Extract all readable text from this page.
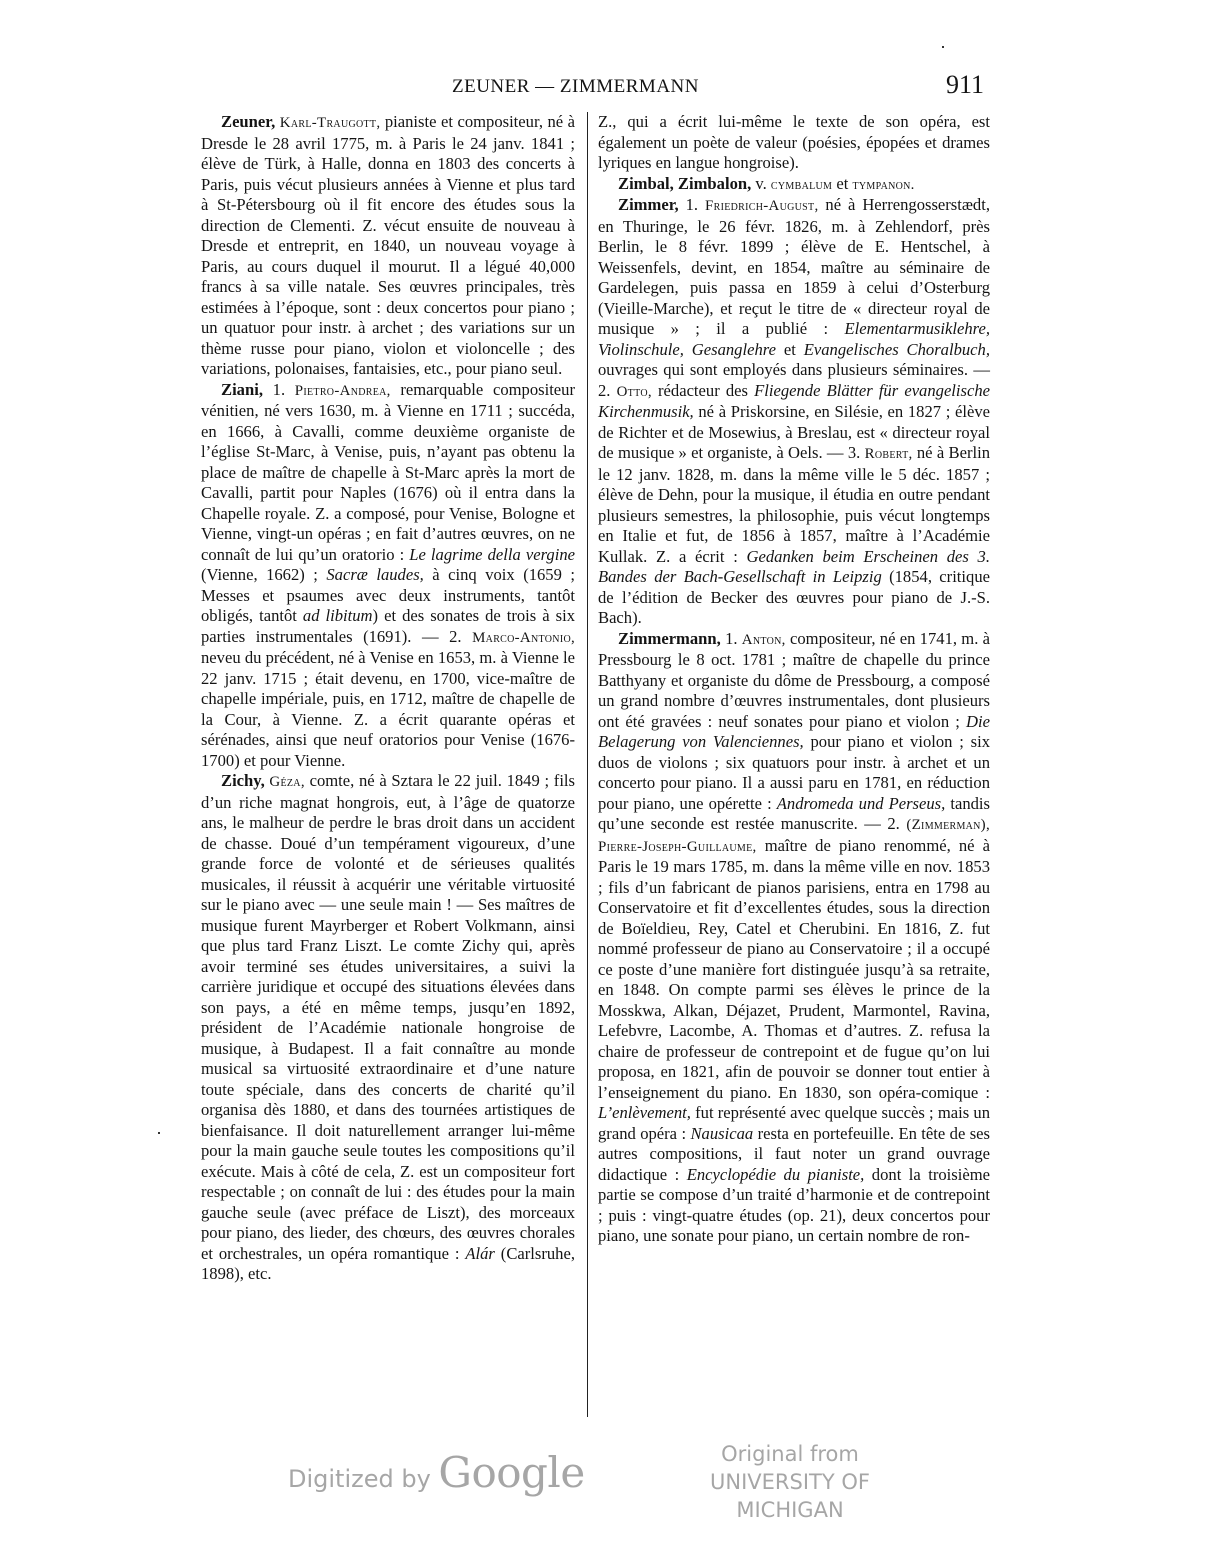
ZEUNER — ZIMMERMANN	911

Zeuner, Karl-Traugott, pianiste et compositeur, né à Dresde le 28 avril 1775, m. à Paris le 24 janv. 1841 ; élève de Türk, à Halle, donna en 1803 des concerts à Paris, puis vécut plusieurs années à Vienne et plus tard à St-Pétersbourg où il fit encore des études sous la direction de Clementi. Z. vécut ensuite de nouveau à Dresde et entreprit, en 1840, un nouveau voyage à Paris, au cours duquel il mourut. Il a légué 40,000 francs à sa ville natale. Ses œuvres principales, très estimées à l’époque, sont : deux concertos pour piano ; un quatuor pour instr. à archet ; des variations sur un thème russe pour piano, violon et violoncelle ; des variations, polonaises, fantaisies, etc., pour piano seul.

Ziani, 1. Pietro-Andrea, remarquable compositeur vénitien, né vers 1630, m. à Vienne en 1711 ; succéda, en 1666, à Cavalli, comme deuxième organiste de l’église St-Marc, à Venise, puis, n’ayant pas obtenu la place de maître de chapelle à St-Marc après la mort de Cavalli, partit pour Naples (1676) où il entra dans la Chapelle royale. Z. a composé, pour Venise, Bologne et Vienne, vingt-un opéras ; en fait d’autres œuvres, on ne connaît de lui qu’un oratorio : Le lagrime della vergine (Vienne, 1662) ; Sacræ laudes, à cinq voix (1659 ; Messes et psaumes avec deux instruments, tantôt obligés, tantôt ad libitum) et des sonates de trois à six parties instrumentales (1691). — 2. Marco-Antonio, neveu du précédent, né à Venise en 1653, m. à Vienne le 22 janv. 1715 ; était devenu, en 1700, vice-maître de chapelle impériale, puis, en 1712, maître de chapelle de la Cour, à Vienne. Z. a écrit quarante opéras et sérénades, ainsi que neuf oratorios pour Venise (1676-1700) et pour Vienne.

Zichy, Géza, comte, né à Sztara le 22 juil. 1849 ; fils d’un riche magnat hongrois, eut, à l’âge de quatorze ans, le malheur de perdre le bras droit dans un accident de chasse. Doué d’un tempérament vigoureux, d’une grande force de volonté et de sérieuses qualités musicales, il réussit à acquérir une véritable virtuosité sur le piano avec — une seule main ! — Ses maîtres de musique furent Mayrberger et Robert Volkmann, ainsi que plus tard Franz Liszt. Le comte Zichy qui, après avoir terminé ses études universitaires, a suivi la carrière juridique et occupé des situations élevées dans son pays, a été en même temps, jusqu’en 1892, président de l’Académie nationale hongroise de musique, à Budapest. Il a fait connaître au monde musical sa virtuosité extraordinaire et d’une nature toute spéciale, dans des concerts de charité qu’il organisa dès 1880, et dans des tournées artistiques de bienfaisance. Il doit naturellement arranger lui-même pour la main gauche seule toutes les compositions qu’il exécute. Mais à côté de cela, Z. est un compositeur fort respectable ; on connaît de lui : des études pour la main gauche seule (avec préface de Liszt), des morceaux pour piano, des lieder, des chœurs, des œuvres chorales et orchestrales, un opéra romantique : Alár (Carlsruhe, 1898), etc.

Z., qui a écrit lui-même le texte de son opéra, est également un poète de valeur (poésies, épopées et drames lyriques en langue hongroise).

Zimbal, Zimbalon, v. cymbalum et tympanon.

Zimmer, 1. Friedrich-August, né à Herrengosserstædt, en Thuringe, le 26 févr. 1826, m. à Zehlendorf, près Berlin, le 8 févr. 1899 ; élève de E. Hentschel, à Weissenfels, devint, en 1854, maître au séminaire de Gardelegen, puis passa en 1859 à celui d’Osterburg (Vieille-Marche), et reçut le titre de « directeur royal de musique » ; il a publié : Elementarmusiklehre, Violinschule, Gesanglehre et Evangelisches Choralbuch, ouvrages qui sont employés dans plusieurs séminaires. — 2. Otto, rédacteur des Fliegende Blätter für evangelische Kirchenmusik, né à Priskorsine, en Silésie, en 1827 ; élève de Richter et de Mosewius, à Breslau, est « directeur royal de musique » et organiste, à Oels. — 3. Robert, né à Berlin le 12 janv. 1828, m. dans la même ville le 5 déc. 1857 ; élève de Dehn, pour la musique, il étudia en outre pendant plusieurs semestres, la philosophie, puis vécut longtemps en Italie et fut, de 1856 à 1857, maître à l’Académie Kullak. Z. a écrit : Gedanken beim Erscheinen des 3. Bandes der Bach-Gesellschaft in Leipzig (1854, critique de l’édition de Becker des œuvres pour piano de J.-S. Bach).

Zimmermann, 1. Anton, compositeur, né en 1741, m. à Pressbourg le 8 oct. 1781 ; maître de chapelle du prince Batthyany et organiste du dôme de Pressbourg, a composé un grand nombre d’œuvres instrumentales, dont plusieurs ont été gravées : neuf sonates pour piano et violon ; Die Belagerung von Valenciennes, pour piano et violon ; six duos de violons ; six quatuors pour instr. à archet et un concerto pour piano. Il a aussi paru en 1781, en réduction pour piano, une opérette : Andromeda und Perseus, tandis qu’une seconde est restée manuscrite. — 2. (Zimmerman), Pierre-Joseph-Guillaume, maître de piano renommé, né à Paris le 19 mars 1785, m. dans la même ville en nov. 1853 ; fils d’un fabricant de pianos parisiens, entra en 1798 au Conservatoire et fit d’excellentes études, sous la direction de Boïeldieu, Rey, Catel et Cherubini. En 1816, Z. fut nommé professeur de piano au Conservatoire ; il a occupé ce poste d’une manière fort distinguée jusqu’à sa retraite, en 1848. On compte parmi ses élèves le prince de la Mosskwa, Alkan, Déjazet, Prudent, Marmontel, Ravina, Lefebvre, Lacombe, A. Thomas et d’autres. Z. refusa la chaire de professeur de contrepoint et de fugue qu’on lui proposa, en 1821, afin de pouvoir se donner tout entier à l’enseignement du piano. En 1830, son opéra-comique : L’enlèvement, fut représenté avec quelque succès ; mais un grand opéra : Nausicaa resta en portefeuille. En tête de ses autres compositions, il faut noter un grand ouvrage didactique : Encyclopédie du pianiste, dont la troisième partie se compose d’un traité d’harmonie et de contrepoint ; puis : vingt-quatre études (op. 21), deux concertos pour piano, une sonate pour piano, un certain nombre de ron-

Digitized by Google	Original from
UNIVERSITY OF MICHIGAN
